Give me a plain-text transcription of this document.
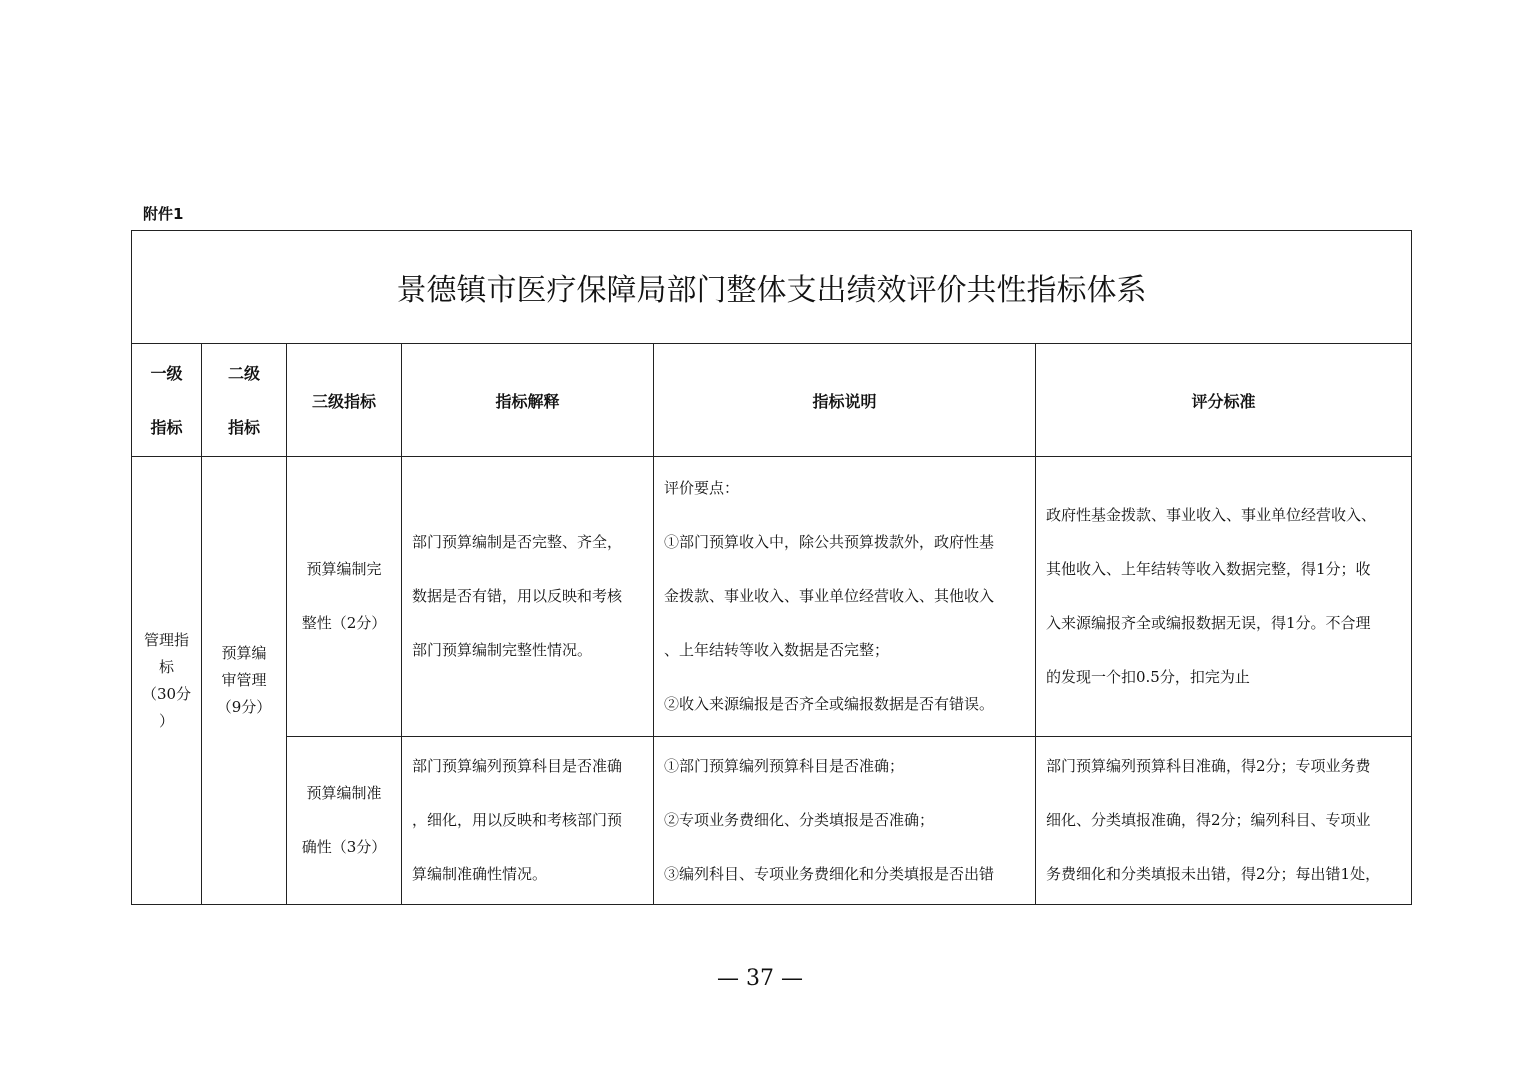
附件1
景德镇市医疗保障局部门整体支出绩效评价共性指标体系					

一级
指标	二级
指标	三级指标	指标解释	指标说明	评分标准

管理指
标
（30分
）	预算编
审管理
（9分）	预算编制完
整性（2分）	部门预算编制是否完整、齐全，
数据是否有错，用以反映和考核
部门预算编制完整性情况。	评价要点：
①部门预算收入中，除公共预算拨款外，政府性基
金拨款、事业收入、事业单位经营收入、其他收入
、上年结转等收入数据是否完整；
②收入来源编报是否齐全或编报数据是否有错误。	政府性基金拨款、事业收入、事业单位经营收入、
其他收入、上年结转等收入数据完整，得1分；收
入来源编报齐全或编报数据无误，得1分。不合理
的发现一个扣0.5分，扣完为止

		预算编制准
确性（3分）	部门预算编列预算科目是否准确
，细化，用以反映和考核部门预
算编制准确性情况。	①部门预算编列预算科目是否准确；
②专项业务费细化、分类填报是否准确；
③编列科目、专项业务费细化和分类填报是否出错	部门预算编列预算科目准确，得2分；专项业务费
细化、分类填报准确，得2分；编列科目、专项业
务费细化和分类填报未出错，得2分；每出错1处，
— 37 —
